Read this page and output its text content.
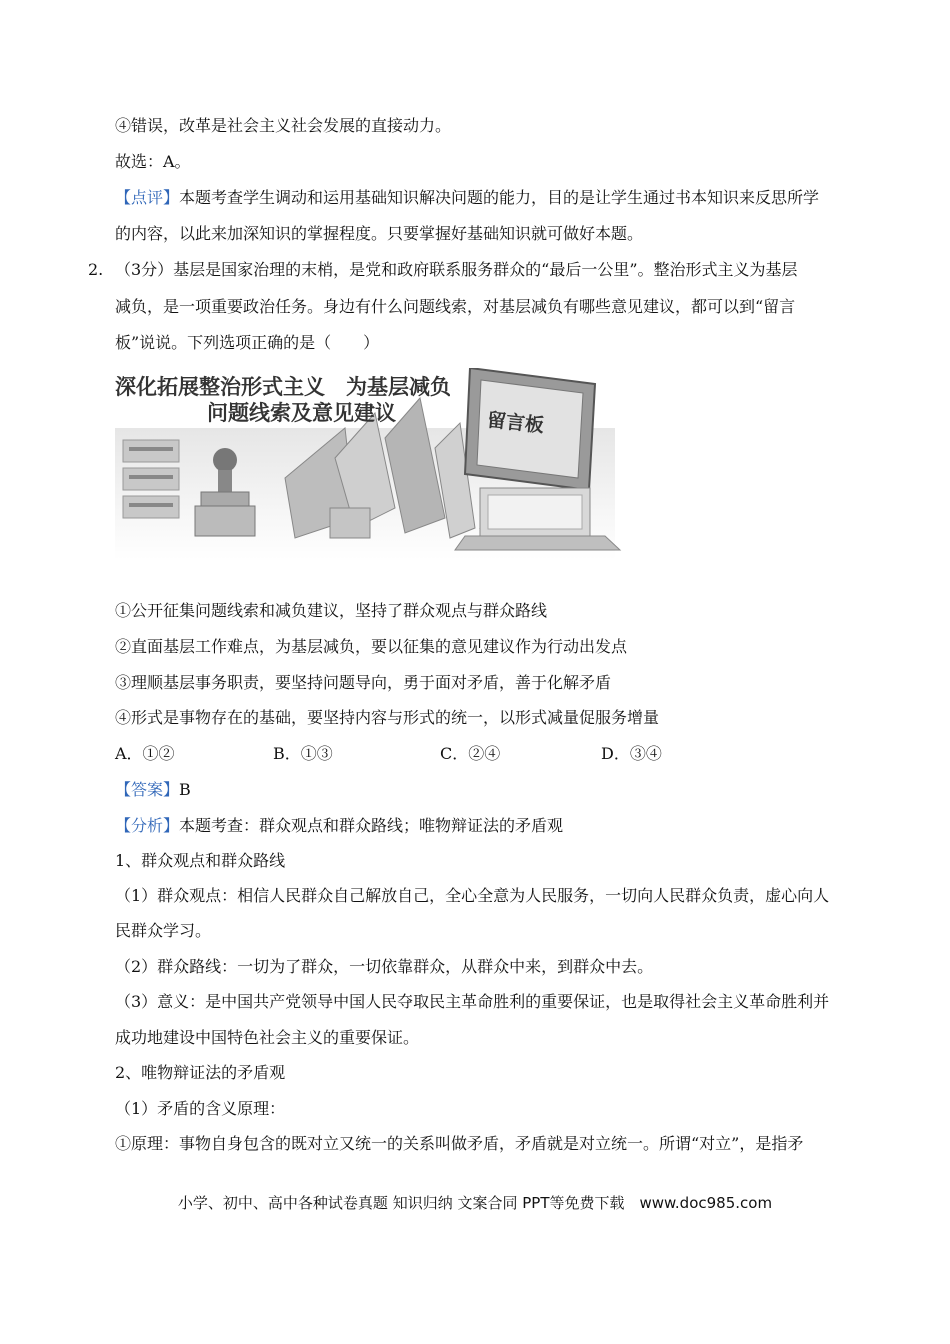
④错误，改革是社会主义社会发展的直接动力。
故选：A。
【点评】本题考查学生调动和运用基础知识解决问题的能力，目的是让学生通过书本知识来反思所学
的内容，以此来加深知识的掌握程度。只要掌握好基础知识就可做好本题。
2. （3分）基层是国家治理的末梢，是党和政府联系服务群众的“最后一公里”。整治形式主义为基层
减负，是一项重要政治任务。身边有什么问题线索，对基层减负有哪些意见建议，都可以到“留言
板”说说。下列选项正确的是（　　）
深化拓展整治形式主义　为基层减负
问题线索及意见建议	留言板
①公开征集问题线索和减负建议，坚持了群众观点与群众路线
②直面基层工作难点，为基层减负，要以征集的意见建议作为行动出发点
③理顺基层事务职责，要坚持问题导向，勇于面对矛盾，善于化解矛盾
④形式是事物存在的基础，要坚持内容与形式的统一，以形式减量促服务增量
A．①②	B．①③	C．②④	D．③④
【答案】B
【分析】本题考查：群众观点和群众路线；唯物辩证法的矛盾观
1、群众观点和群众路线
（1）群众观点：相信人民群众自己解放自己，全心全意为人民服务，一切向人民群众负责，虚心向人
民群众学习。
（2）群众路线：一切为了群众，一切依靠群众，从群众中来，到群众中去。
（3）意义：是中国共产党领导中国人民夺取民主革命胜利的重要保证，也是取得社会主义革命胜利并
成功地建设中国特色社会主义的重要保证。
2、唯物辩证法的矛盾观
（1）矛盾的含义原理：
①原理：事物自身包含的既对立又统一的关系叫做矛盾，矛盾就是对立统一。所谓“对立”，是指矛
小学、初中、高中各种试卷真题 知识归纳 文案合同 PPT等免费下载　www.doc985.com
